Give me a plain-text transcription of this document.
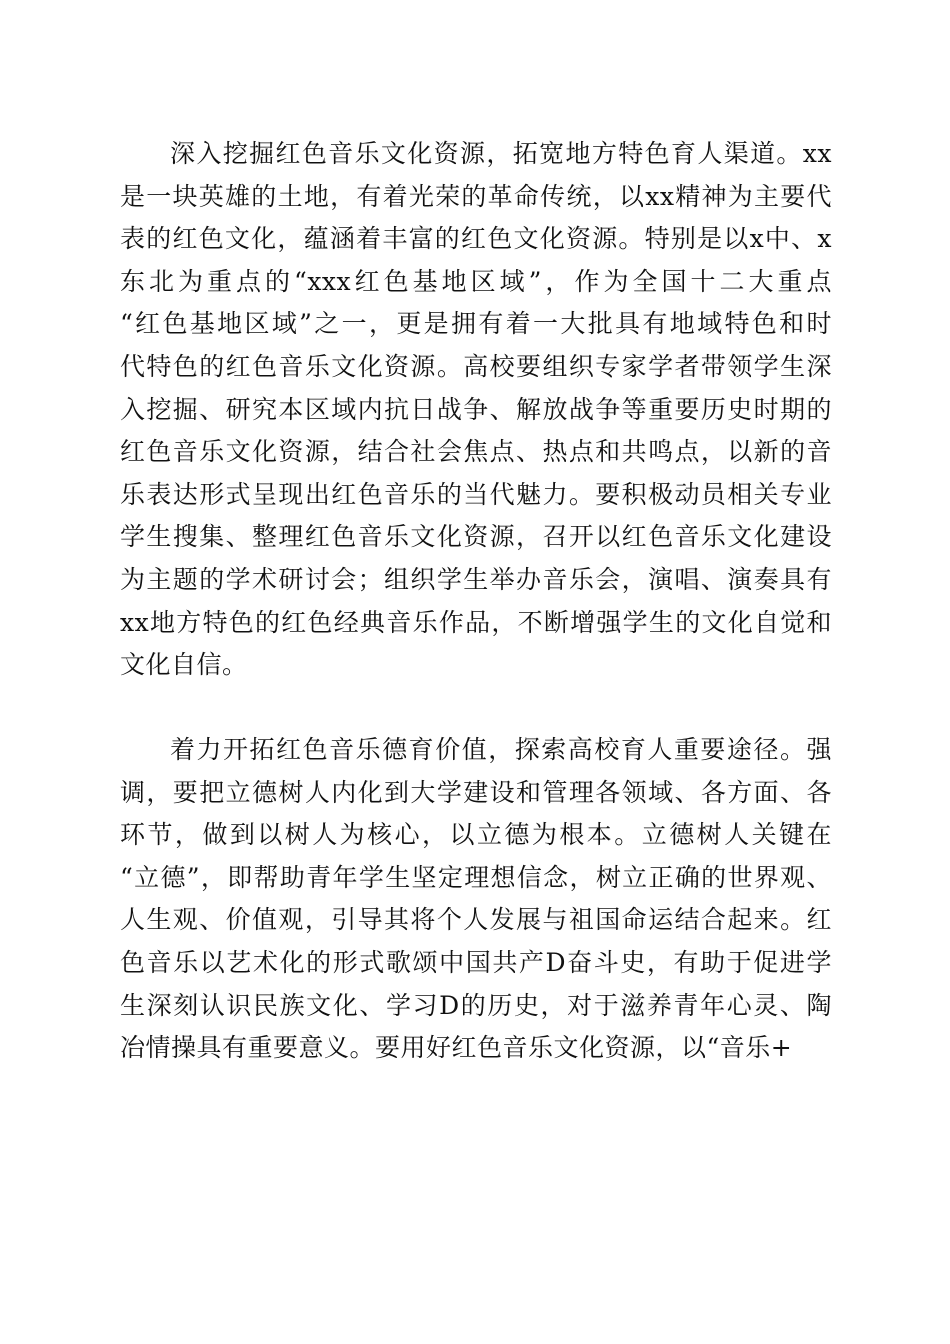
深入挖掘红色音乐文化资源，拓宽地方特色育人渠道。xx
是一块英雄的土地，有着光荣的革命传统，以xx精神为主要代
表的红色文化，蕴涵着丰富的红色文化资源。特别是以x中、x
东北为重点的“xxx红色基地区域”，作为全国十二大重点
“红色基地区域”之一，更是拥有着一大批具有地域特色和时
代特色的红色音乐文化资源。高校要组织专家学者带领学生深
入挖掘、研究本区域内抗日战争、解放战争等重要历史时期的
红色音乐文化资源，结合社会焦点、热点和共鸣点，以新的音
乐表达形式呈现出红色音乐的当代魅力。要积极动员相关专业
学生搜集、整理红色音乐文化资源，召开以红色音乐文化建设
为主题的学术研讨会；组织学生举办音乐会，演唱、演奏具有
xx地方特色的红色经典音乐作品，不断增强学生的文化自觉和
文化自信。
着力开拓红色音乐德育价值，探索高校育人重要途径。强
调，要把立德树人内化到大学建设和管理各领域、各方面、各
环节，做到以树人为核心，以立德为根本。立德树人关键在
“立德”，即帮助青年学生坚定理想信念，树立正确的世界观、
人生观、价值观，引导其将个人发展与祖国命运结合起来。红
色音乐以艺术化的形式歌颂中国共产D奋斗史，有助于促进学
生深刻认识民族文化、学习D的历史，对于滋养青年心灵、陶
冶情操具有重要意义。要用好红色音乐文化资源，以“音乐+
